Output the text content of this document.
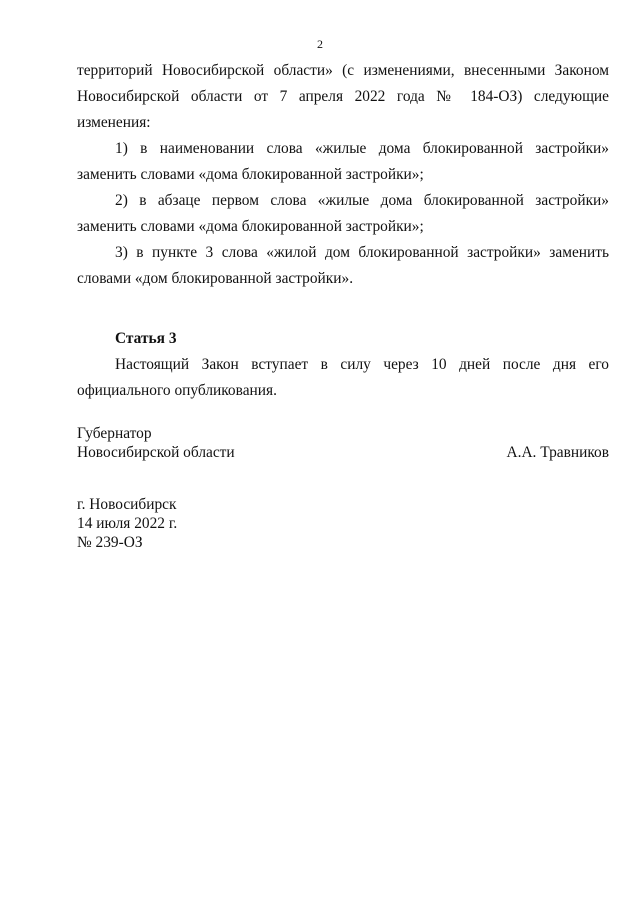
2

территорий Новосибирской области» (с изменениями, внесенными Законом Новосибирской области от 7 апреля 2022 года № 184-ОЗ) следующие изменения:

1) в наименовании слова «жилые дома блокированной застройки» заменить словами «дома блокированной застройки»;

2) в абзаце первом слова «жилые дома блокированной застройки» заменить словами «дома блокированной застройки»;

3) в пункте 3 слова «жилой дом блокированной застройки» заменить словами «дом блокированной застройки».

Статья 3

Настоящий Закон вступает в силу через 10 дней после дня его официального опубликования.

Губернатор
Новосибирской области	А.А. Травников
г. Новосибирск
14 июля 2022 г.
№ 239-ОЗ
